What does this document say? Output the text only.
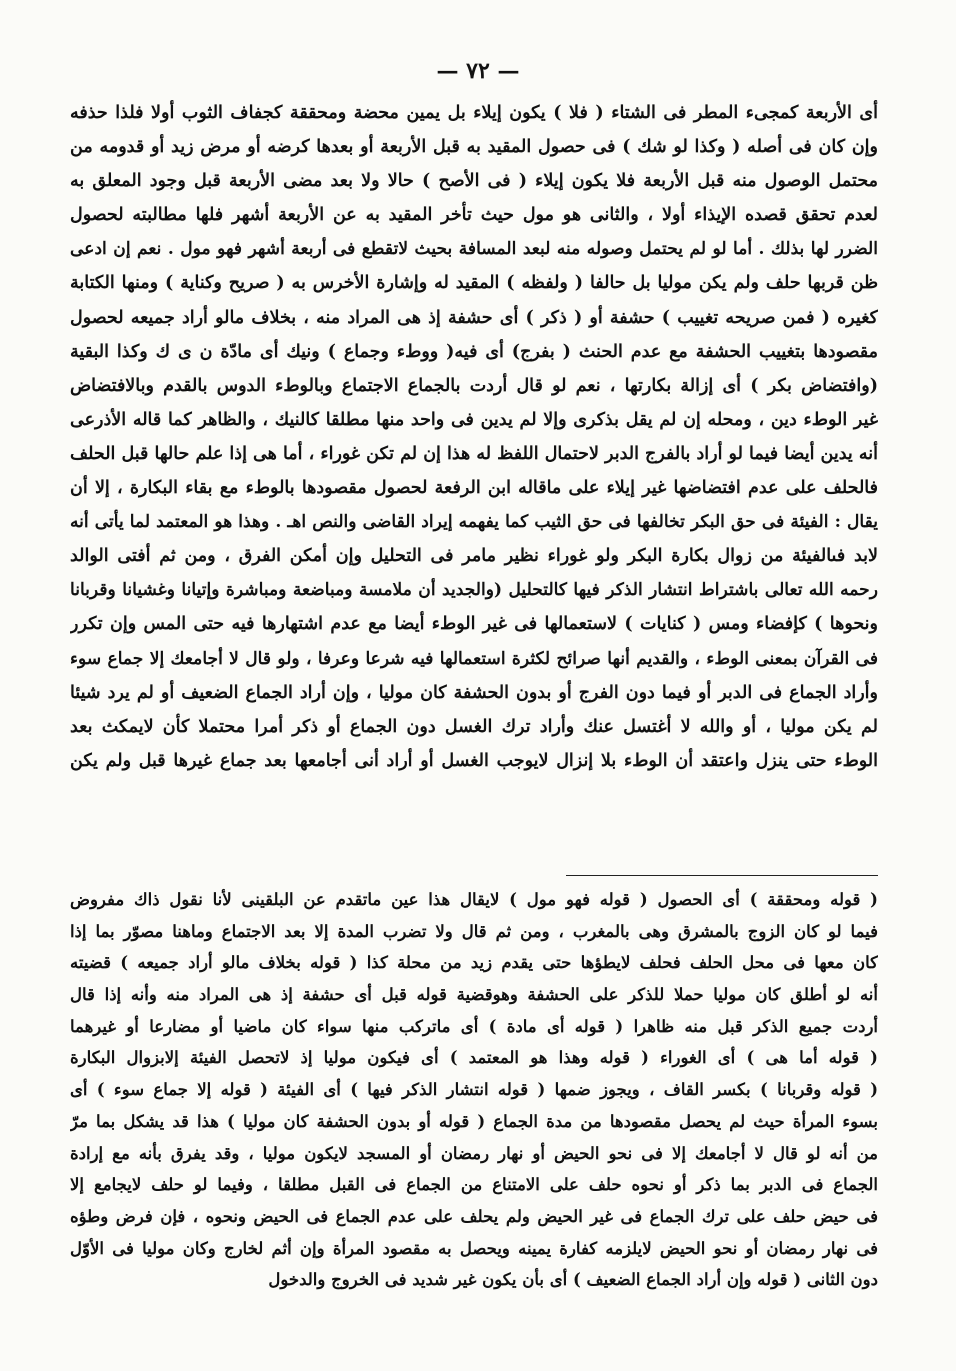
— ٧٢ —
أى الأربعة كمجىء المطر فى الشتاء ( فلا ) يكون إيلاء بل يمين محضة ومحققة كجفاف الثوب أولا فلذا حذفه
وإن كان فى أصله ( وكذا لو شك ) فى حصول المقيد به قبل الأربعة أو بعدها كرضه أو مرض زيد أو قدومه من
محتمل الوصول منه قبل الأربعة فلا يكون إيلاء ( فى الأصح ) حالا ولا بعد مضى الأربعة قبل وجود المعلق به
لعدم تحقق قصده الإيذاء أولا ، والثانى هو مول حيث تأخر المقيد به عن الأربعة أشهر فلها مطالبته لحصول
الضرر لها بذلك . أما لو لم يحتمل وصوله منه لبعد المسافة بحيث لاتقطع فى أربعة أشهر فهو مول . نعم إن ادعى
ظن قربها حلف ولم يكن موليا بل حالفا ( ولفظه ) المقيد له وإشارة الأخرس به ( صريح وكناية ) ومنها الكتابة
كغيره ( فمن صريحه تغييب ) حشفة أو ( ذكر ) أى حشفة إذ هى المراد منه ، بخلاف مالو أراد جميعه لحصول
مقصودها بتغييب الحشفة مع عدم الحنث ( بفرج) أى فيه( ووطء وجماع ) ونيك أى مادّة ن ى ك وكذا البقية
(وافتضاض بكر ) أى إزالة بكارتها ، نعم لو قال أردت بالجماع الاجتماع وبالوطء الدوس بالقدم وبالافتضاض
غير الوطء دين ، ومحله إن لم يقل بذكرى وإلا لم يدين فى واحد منها مطلقا كالنيك ، والظاهر كما قاله الأذرعى
أنه يدين أيضا فيما لو أراد بالفرج الدبر لاحتمال اللفظ له هذا إن لم تكن غوراء ، أما هى إذا علم حالها قبل الحلف
فالحلف على عدم افتضاضها غير إيلاء على ماقاله ابن الرفعة لحصول مقصودها بالوطء مع بقاء البكارة ، إلا أن
يقال : الفيئة فى حق البكر تخالفها فى حق الثيب كما يفهمه إيراد القاضى والنص اهـ . وهذا هو المعتمد لما يأتى أنه
لابد فىالفيئة من زوال بكارة البكر ولو غوراء نظير مامر فى التحليل وإن أمكن الفرق ، ومن ثم أفتى الوالد
رحمه الله تعالى باشتراط انتشار الذكر فيها كالتحليل (والجديد أن ملامسة ومباضعة ومباشرة وإتيانا وغشيانا وقربانا
ونحوها ) كإفضاء ومس ( كنايات ) لاستعمالها فى غير الوطء أيضا مع عدم اشتهارها فيه حتى المس وإن تكرر
فى القرآن بمعنى الوطء ، والقديم أنها صرائح لكثرة استعمالها فيه شرعا وعرفا ، ولو قال لا أجامعك إلا جماع سوء
وأراد الجماع فى الدبر أو فيما دون الفرج أو بدون الحشفة كان موليا ، وإن أراد الجماع الضعيف أو لم يرد شيئا
لم يكن موليا ، أو والله لا أغتسل عنك وأراد ترك الغسل دون الجماع أو ذكر أمرا محتملا كأن لايمكث بعد
الوطء حتى ينزل واعتقد أن الوطء بلا إنزال لايوجب الغسل أو أراد أنى أجامعها بعد جماع غيرها قبل ولم يكن
( قوله ومحققة ) أى الحصول ( قوله فهو مول ) لايقال هذا عين ماتقدم عن البلقينى لأنا نقول ذاك مفروض
فيما لو كان الزوج بالمشرق وهى بالمغرب ، ومن ثم قال ولا تضرب المدة إلا بعد الاجتماع وماهنا مصوّر بما إذا
كان معها فى محل الحلف فحلف لايطؤها حتى يقدم زيد من محلة كذا ( قوله بخلاف مالو أراد جميعه ) قضيته
أنه لو أطلق كان موليا حملا للذكر على الحشفة وهوقضية قوله قبل أى حشفة إذ هى المراد منه وأنه إذا قال
أردت جميع الذكر قبل منه ظاهرا ( قوله أى مادة ) أى ماتركب منها سواء كان ماضيا أو مضارعا أو غيرهما
( قوله أما هى ) أى الغوراء ( قوله وهذا هو المعتمد ) أى فيكون موليا إذ لاتحصل الفيئة إلابزوال البكارة
( قوله وقربانا ) بكسر القاف ، ويجوز ضمها ( قوله انتشار الذكر فيها ) أى الفيئة ( قوله إلا جماع سوء ) أى
بسوء المرأة حيث لم يحصل مقصودها من مدة الجماع ( قوله أو بدون الحشفة كان موليا ) هذا قد يشكل بما مرّ
من أنه لو قال لا أجامعك إلا فى نحو الحيض أو نهار رمضان أو المسجد لايكون موليا ، وقد يفرق بأنه مع إرادة
الجماع فى الدبر بما ذكر أو نحوه حلف على الامتناع من الجماع فى القبل مطلقا ، وفيما لو حلف لايجامع إلا
فى حيض حلف على ترك الجماع فى غير الحيض ولم يحلف على عدم الجماع فى الحيض ونحوه ، فإن فرض وطؤه
فى نهار رمضان أو نحو الحيض لايلزمه كفارة يمينه ويحصل به مقصود المرأة وإن أثم لخارج وكان موليا فى الأوّل
دون الثانى ( قوله وإن أراد الجماع الضعيف ) أى بأن يكون غير شديد فى الخروج والدخول
